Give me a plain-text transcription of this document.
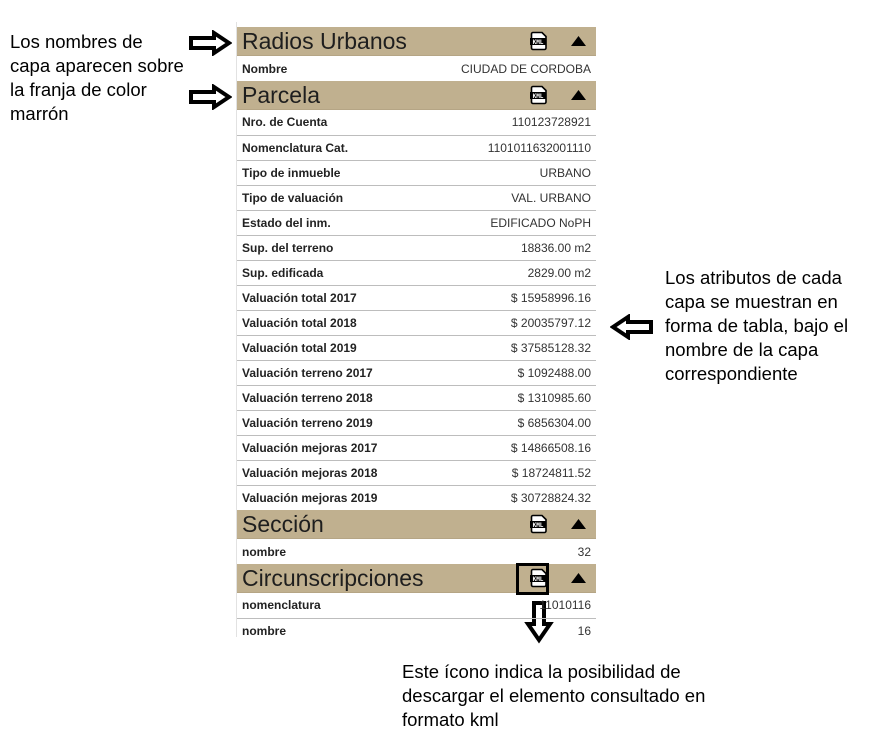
Los nombres de capa aparecen sobre la franja de color marrón
Los atributos de cada capa se muestran en forma de tabla, bajo el nombre de la capa correspondiente
Este ícono indica la posibilidad de descargar el elemento consultado en formato kml
Radios Urbanos	KML
Nombre	CIUDAD DE CORDOBA
Parcela	KML
Nro. de Cuenta	110123728921
Nomenclatura Cat.	1101011632001110
Tipo de inmueble	URBANO
Tipo de valuación	VAL. URBANO
Estado del inm.	EDIFICADO NoPH
Sup. del terreno	18836.00 m2
Sup. edificada	2829.00 m2
Valuación total 2017	$ 15958996.16
Valuación total 2018	$ 20035797.12
Valuación total 2019	$ 37585128.32
Valuación terreno 2017	$ 1092488.00
Valuación terreno 2018	$ 1310985.60
Valuación terreno 2019	$ 6856304.00
Valuación mejoras 2017	$ 14866508.16
Valuación mejoras 2018	$ 18724811.52
Valuación mejoras 2019	$ 30728824.32
Sección	KML
nombre	32
Circunscripciones	KML
nomenclatura	11010116
nombre	16
